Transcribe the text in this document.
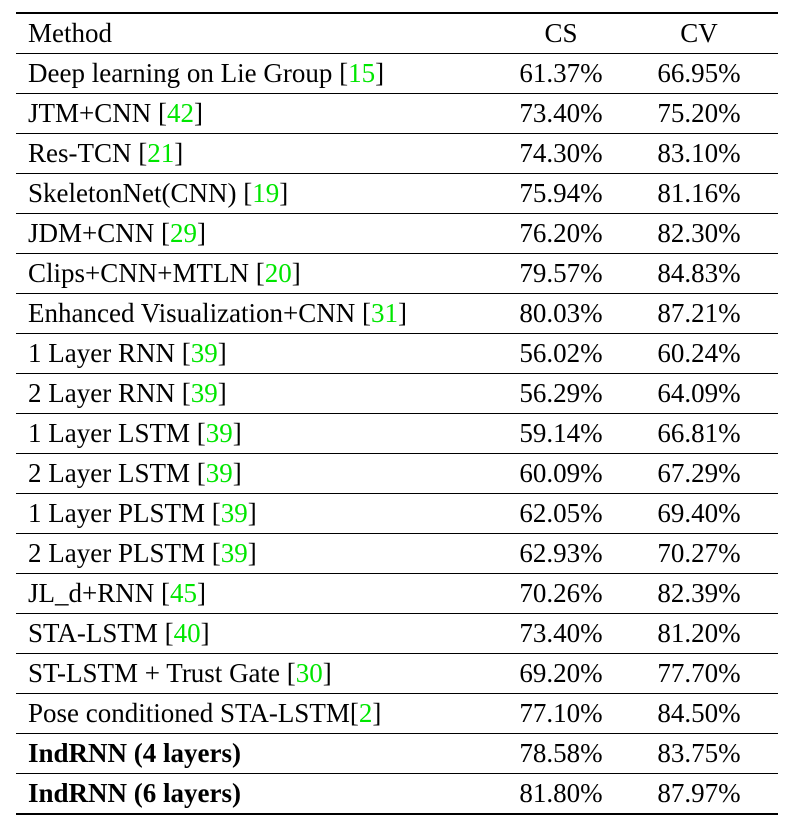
Method	CS	CV
Deep learning on Lie Group [15]	61.37%	66.95%
JTM+CNN [42]	73.40%	75.20%
Res-TCN [21]	74.30%	83.10%
SkeletonNet(CNN) [19]	75.94%	81.16%
JDM+CNN [29]	76.20%	82.30%
Clips+CNN+MTLN [20]	79.57%	84.83%
Enhanced Visualization+CNN [31]	80.03%	87.21%
1 Layer RNN [39]	56.02%	60.24%
2 Layer RNN [39]	56.29%	64.09%
1 Layer LSTM [39]	59.14%	66.81%
2 Layer LSTM [39]	60.09%	67.29%
1 Layer PLSTM [39]	62.05%	69.40%
2 Layer PLSTM [39]	62.93%	70.27%
JL_d+RNN [45]	70.26%	82.39%
STA-LSTM [40]	73.40%	81.20%
ST-LSTM + Trust Gate [30]	69.20%	77.70%
Pose conditioned STA-LSTM[2]	77.10%	84.50%
IndRNN (4 layers)	78.58%	83.75%
IndRNN (6 layers)	81.80%	87.97%
